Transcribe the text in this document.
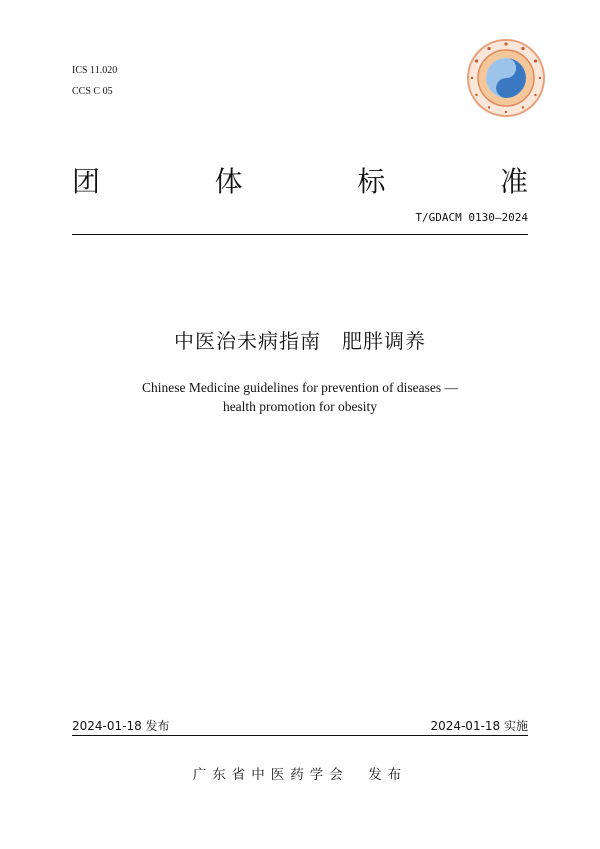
ICS 11.020
CCS C 05
团	体	标	准
T/GDACM 0130—2024
中医治未病指南　肥胖调养
Chinese Medicine guidelines for prevention of diseases —
health promotion for obesity
2024-01-18 发布	2024-01-18 实施
广东省中医药学会　发布
